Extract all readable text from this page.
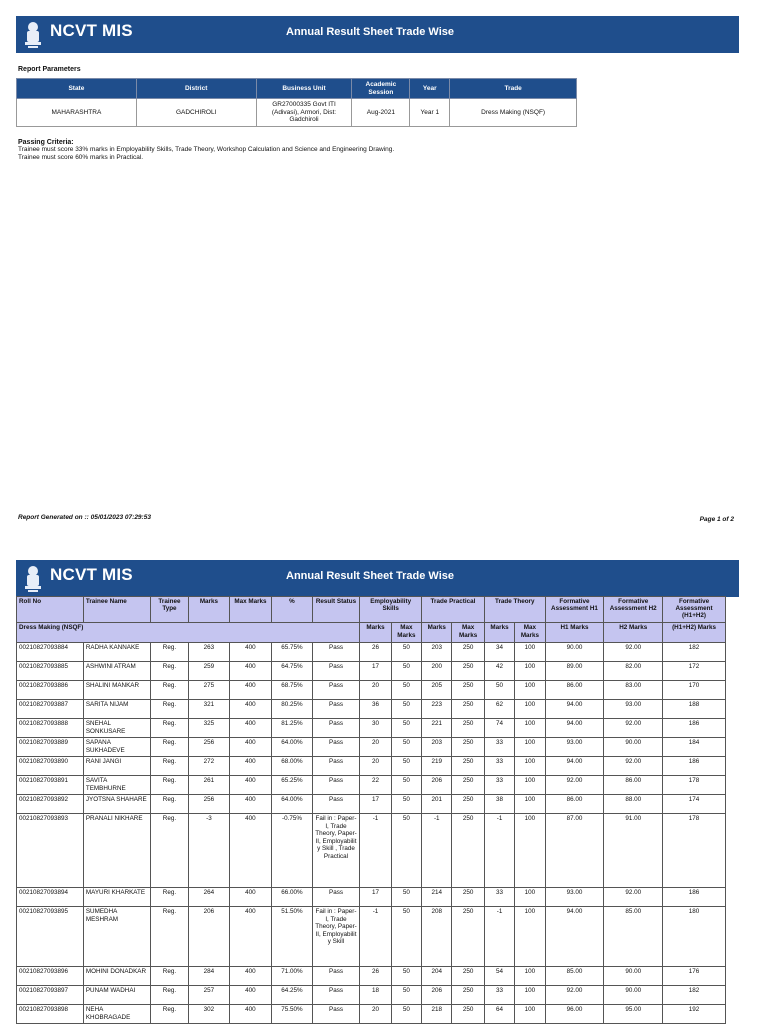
NCVT MIS	Annual Result Sheet Trade Wise
Report Parameters
State	District	Business Unit	Academic Session	Year	Trade
MAHARASHTRA	GADCHIROLI	GR27000335 Govt ITI (Adivasi), Armori, Dist: Gadchiroli	Aug-2021	Year 1	Dress Making (NSQF)
Passing Criteria:
Trainee must score 33% marks in Employability Skills, Trade Theory, Workshop Calculation and Science and Engineering Drawing.
Trainee must score 60% marks in Practical.
Report Generated on :: 05/01/2023 07:29:53	Page 1 of 2
NCVT MIS	Annual Result Sheet Trade Wise
Roll No	Trainee Name	Trainee Type	Marks	Max Marks	%	Result Status	Employability Skills		Trade Practical		Trade Theory		Formative Assessment H1	Formative Assessment H2	Formative Assessment (H1+H2)
Dress Making (NSQF)							Marks	Max Marks	Marks	Max Marks	Marks	Max Marks	H1 Marks	H2 Marks	(H1+H2) Marks
00210827093884	RADHA KANNAKE	Reg.	263	400	65.75%	Pass	26	50	203	250	34	100	90.00	92.00	182
00210827093885	ASHWINI ATRAM	Reg.	259	400	64.75%	Pass	17	50	200	250	42	100	89.00	82.00	172
00210827093886	SHALINI MANKAR	Reg.	275	400	68.75%	Pass	20	50	205	250	50	100	86.00	83.00	170
00210827093887	SARITA NIJAM	Reg.	321	400	80.25%	Pass	36	50	223	250	62	100	94.00	93.00	188
00210827093888	SNEHAL SONKUSARE	Reg.	325	400	81.25%	Pass	30	50	221	250	74	100	94.00	92.00	186
00210827093889	SAPANA SUKHADEVE	Reg.	256	400	64.00%	Pass	20	50	203	250	33	100	93.00	90.00	184
00210827093890	RANI JANGI	Reg.	272	400	68.00%	Pass	20	50	219	250	33	100	94.00	92.00	186
00210827093891	SAVITA TEMBHURNE	Reg.	261	400	65.25%	Pass	22	50	206	250	33	100	92.00	86.00	178
00210827093892	JYOTSNA SHAHARE	Reg.	256	400	64.00%	Pass	17	50	201	250	38	100	86.00	88.00	174
00210827093893	PRANALI NIKHARE	Reg.	-3	400	-0.75%	Fail in : Paper-I, Trade Theory, Paper-II, Employabilit y Skill , Trade Practical	-1	50	-1	250	-1	100	87.00	91.00	178
00210827093894	MAYURI KHARKATE	Reg.	264	400	66.00%	Pass	17	50	214	250	33	100	93.00	92.00	186
00210827093895	SUMEDHA MESHRAM	Reg.	206	400	51.50%	Fail in : Paper-I, Trade Theory, Paper-II, Employabilit y Skill	-1	50	208	250	-1	100	94.00	85.00	180
00210827093896	MOHINI DONADKAR	Reg.	284	400	71.00%	Pass	26	50	204	250	54	100	85.00	90.00	176
00210827093897	PUNAM WADHAI	Reg.	257	400	64.25%	Pass	18	50	206	250	33	100	92.00	90.00	182
00210827093898	NEHA KHOBRAGADE	Reg.	302	400	75.50%	Pass	20	50	218	250	64	100	96.00	95.00	192
